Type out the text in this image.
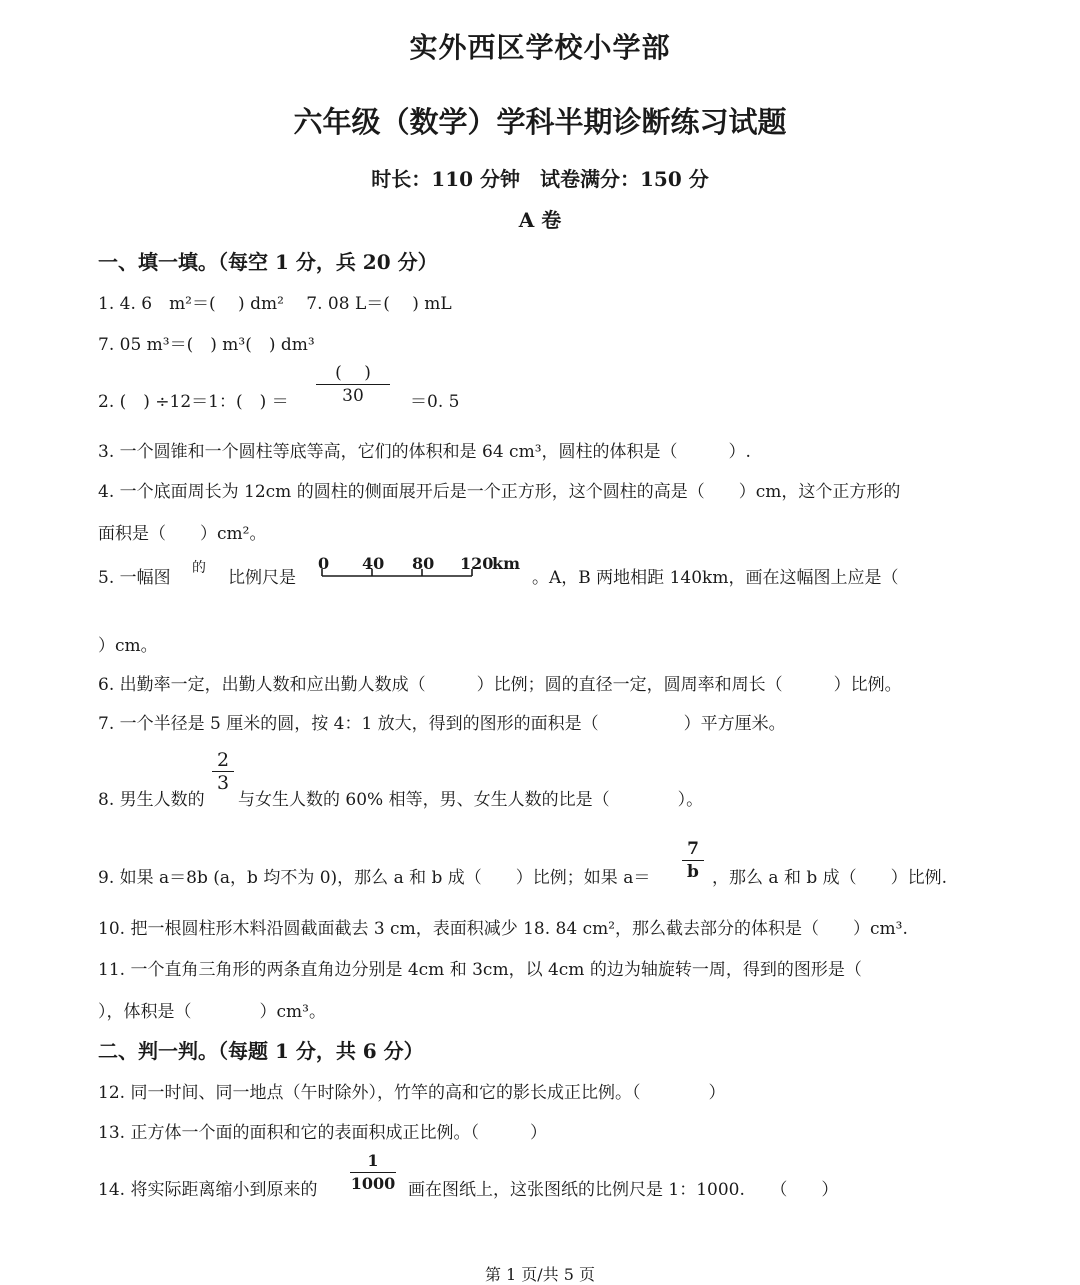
实外西区学校小学部
六年级（数学）学科半期诊断练习试题
时长：110 分钟　试卷满分：150 分
A 卷
一、填一填。（每空 1 分，兵 20 分）
1. 4. 6　m²＝(　 ) dm²　 7. 08 L＝(　 ) mL
7. 05 m³＝(　) m³(　) dm³
2. (　) ÷12＝1：(　) ＝
(　 )
30	＝0. 5
3. 一个圆锥和一个圆柱等底等高，它们的体积和是 64 cm³，圆柱的体积是（　　　）.
4. 一个底面周长为 12cm 的圆柱的侧面展开后是一个正方形，这个圆柱的高是（　　）cm，这个正方形的
面积是（　　）cm²。
5. 一幅图 的 比例尺是
0 40 80 120
km
。A，B 两地相距 140km，画在这幅图上应是（
）cm。
6. 出勤率一定，出勤人数和应出勤人数成（　　　）比例；圆的直径一定，圆周率和周长（　　　）比例。
7. 一个半径是 5 厘米的圆，按 4：1 放大，得到的图形的面积是（　　　　　）平方厘米。
8. 男生人数的
2
3
与女生人数的 60% 相等，男、女生人数的比是（　　　　）。
9. 如果 a＝8b (a，b 均不为 0)，那么 a 和 b 成（　　）比例；如果 a＝
7
b ，那么 a 和 b 成（　　）比例.
10. 把一根圆柱形木料沿圆截面截去 3 cm，表面积减少 18. 84 cm²，那么截去部分的体积是（　　）cm³.
11. 一个直角三角形的两条直角边分别是 4cm 和 3cm，以 4cm 的边为轴旋转一周，得到的图形是（
），体积是（　　　　）cm³。
二、判一判。（每题 1 分，共 6 分）
12. 同一时间、同一地点（午时除外），竹竿的高和它的影长成正比例。（　　　　）
13. 正方体一个面的面积和它的表面积成正比例。（　　　）
14. 将实际距离缩小到原来的
1
1000 画在图纸上，这张图纸的比例尺是 1：1000.　　（　　）
第 1 页/共 5 页
